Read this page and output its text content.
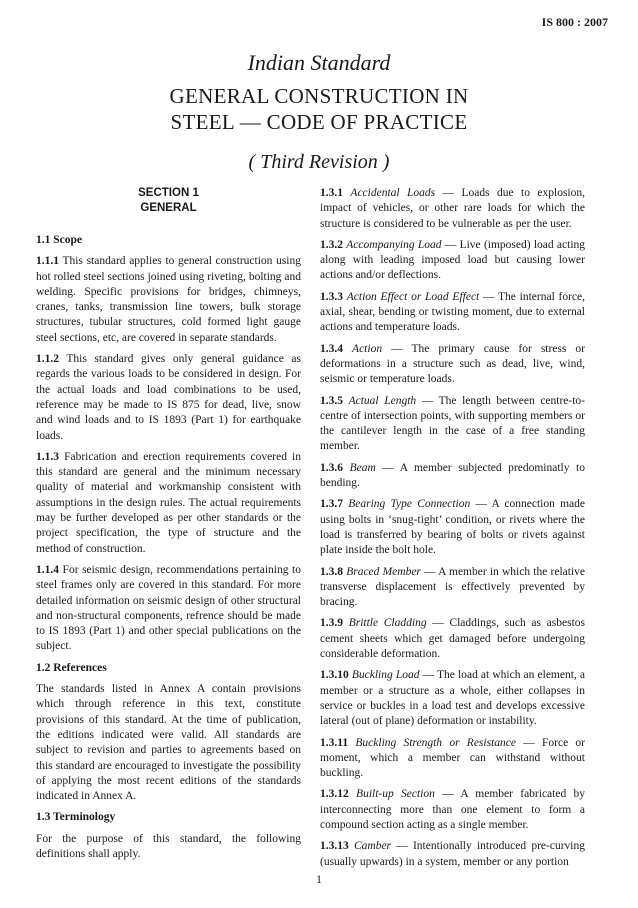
IS 800 : 2007
Indian Standard
GENERAL CONSTRUCTION IN
STEEL — CODE OF PRACTICE
( Third Revision )
SECTION 1
GENERAL
1.1 Scope

1.1.1 This standard applies to general construction using hot rolled steel sections joined using riveting, bolting and welding. Specific provisions for bridges, chimneys, cranes, tanks, transmission line towers, bulk storage structures, tubular structures, cold formed light gauge steel sections, etc, are covered in separate standards.

1.1.2 This standard gives only general guidance as regards the various loads to be considered in design. For the actual loads and load combinations to be used, reference may be made to IS 875 for dead, live, snow and wind loads and to IS 1893 (Part 1) for earthquake loads.

1.1.3 Fabrication and erection requirements covered in this standard are general and the minimum necessary quality of material and workmanship consistent with assumptions in the design rules. The actual requirements may be further developed as per other standards or the project specification, the type of structure and the method of construction.

1.1.4 For seismic design, recommendations pertaining to steel frames only are covered in this standard. For more detailed information on seismic design of other structural and non-structural components, refrence should be made to IS 1893 (Part 1) and other special publications on the subject.

1.2 References

The standards listed in Annex A contain provisions which through reference in this text, constitute provisions of this standard. At the time of publication, the editions indicated were valid. All standards are subject to revision and parties to agreements based on this standard are encouraged to investigate the possibility of applying the most recent editions of the standards indicated in Annex A.

1.3 Terminology

For the purpose of this standard, the following definitions shall apply.

1.3.1 Accidental Loads — Loads due to explosion, impact of vehicles, or other rare loads for which the structure is considered to be vulnerable as per the user.

1.3.2 Accompanying Load — Live (imposed) load acting along with leading imposed load but causing lower actions and/or deflections.

1.3.3 Action Effect or Load Effect — The internal force, axial, shear, bending or twisting moment, due to external actions and temperature loads.

1.3.4 Action — The primary cause for stress or deformations in a structure such as dead, live, wind, seismic or temperature loads.

1.3.5 Actual Length — The length between centre-to-centre of intersection points, with supporting members or the cantilever length in the case of a free standing member.

1.3.6 Beam — A member subjected predominatly to bending.

1.3.7 Bearing Type Connection — A connection made using bolts in ‘snug-tight’ condition, or rivets where the load is transferred by bearing of bolts or rivets against plate inside the bolt hole.

1.3.8 Braced Member — A member in which the relative transverse displacement is effectively prevented by bracing.

1.3.9 Brittle Cladding — Claddings, such as asbestos cement sheets which get damaged before undergoing considerable deformation.

1.3.10 Buckling Load — The load at which an element, a member or a structure as a whole, either collapses in service or buckles in a load test and develops excessive lateral (out of plane) deformation or instability.

1.3.11 Buckling Strength or Resistance — Force or moment, which a member can withstand without buckling.

1.3.12 Built-up Section — A member fabricated by interconnecting more than one element to form a compound section acting as a single member.

1.3.13 Camber — Intentionally introduced pre-curving (usually upwards) in a system, member or any portion

1
